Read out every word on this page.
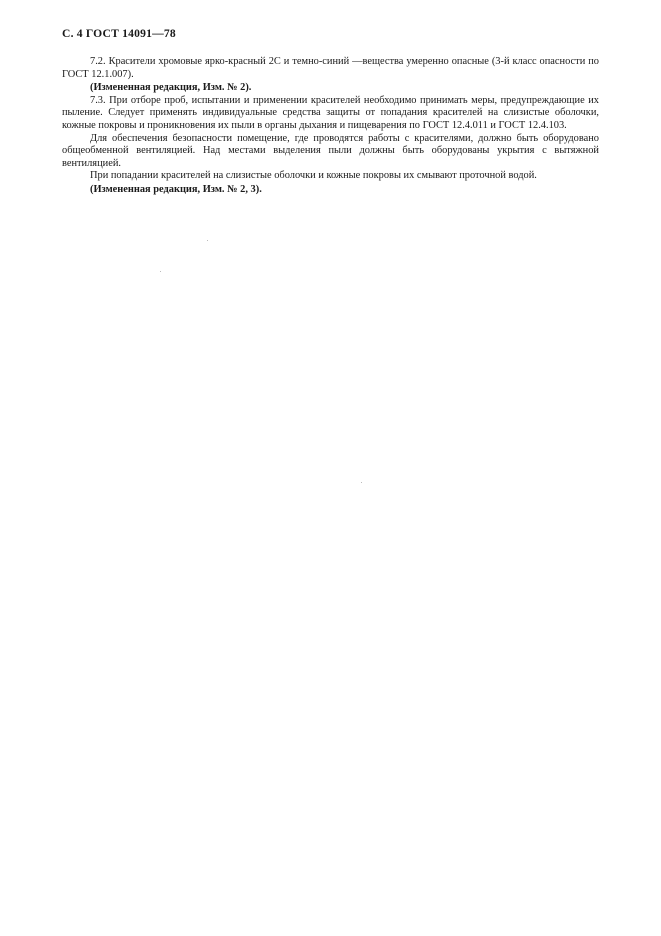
С. 4 ГОСТ 14091—78

7.2. Красители хромовые ярко-красный 2С и темно-синий —вещества умеренно опасные (3-й класс опасности по ГОСТ 12.1.007).

(Измененная редакция, Изм. № 2).

7.3. При отборе проб, испытании и применении красителей необходимо принимать меры, предупреждающие их пыление. Следует применять индивидуальные средства защиты от попадания красителей на слизистые оболочки, кожные покровы и проникновения их пыли в органы дыхания и пищеварения по ГОСТ 12.4.011 и ГОСТ 12.4.103.

Для обеспечения безопасности помещение, где проводятся работы с красителями, должно быть оборудовано общеобменной вентиляцией. Над местами выделения пыли должны быть оборудованы укрытия с вытяжной вентиляцией.

При попадании красителей на слизистые оболочки и кожные покровы их смывают проточной водой.

(Измененная редакция, Изм. № 2, 3).
